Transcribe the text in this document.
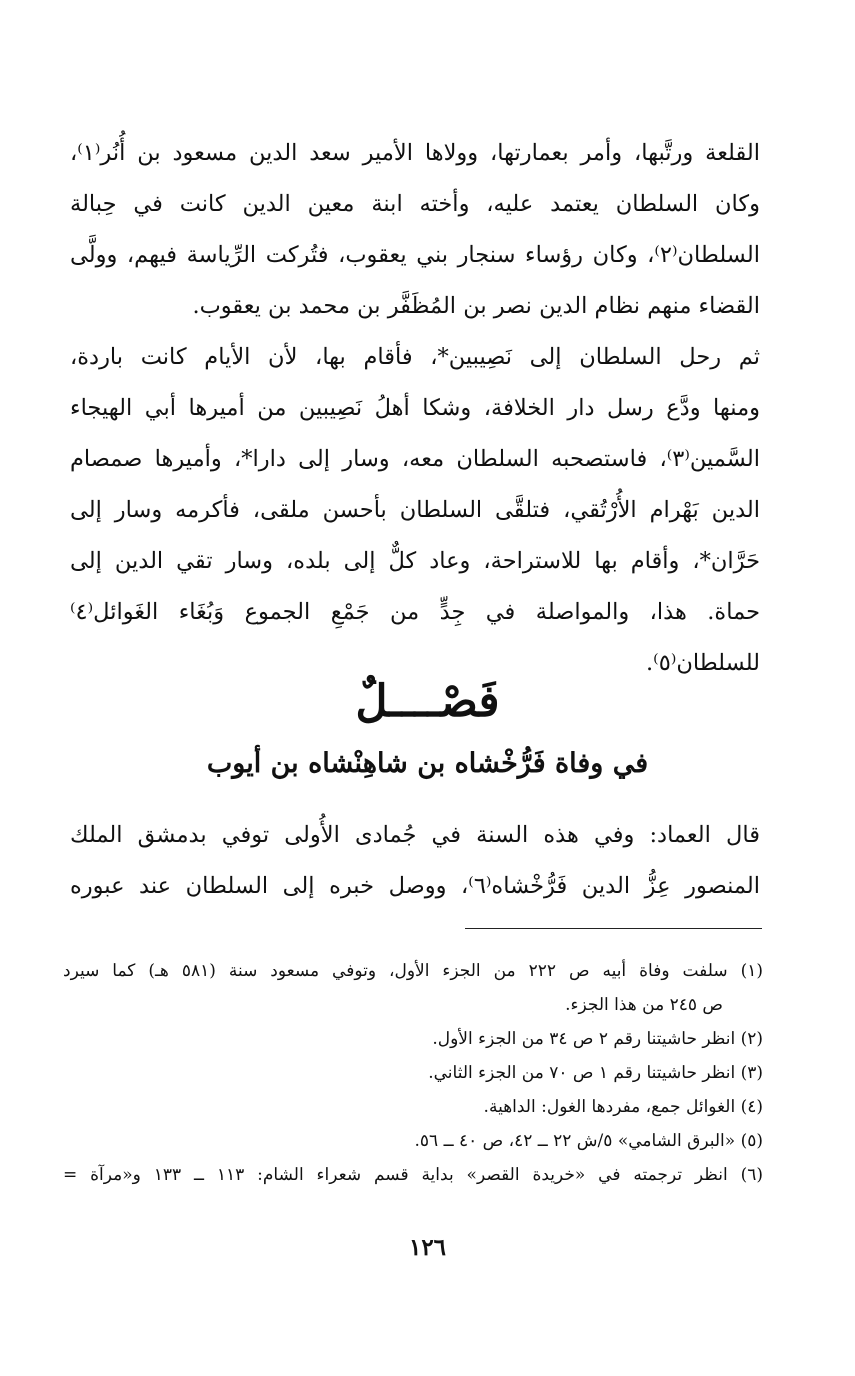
القلعة ورتَّبها، وأمر بعمارتها، وولاها الأمير سعد الدين مسعود بن أُنُر⁽١⁾،
وكان السلطان يعتمد عليه، وأخته ابنة معين الدين كانت في حِبالة
السلطان⁽٢⁾، وكان رؤساء سنجار بني يعقوب، فتُركت الرِّياسة فيهم، وولَّى
القضاء منهم نظام الدين نصر بن المُظَفَّر بن محمد بن يعقوب.
ثم رحل السلطان إلى نَصِيبين*، فأقام بها، لأن الأيام كانت باردة،
ومنها ودَّع رسل دار الخلافة، وشكا أهلُ نَصِيبين من أميرها أبي الهيجاء
السَّمين⁽٣⁾، فاستصحبه السلطان معه، وسار إلى دارا*، وأميرها صمصام
الدين بَهْرام الأُرْتُقي، فتلقَّى السلطان بأحسن ملقى، فأكرمه وسار إلى
حَرَّان*، وأقام بها للاستراحة، وعاد كلٌّ إلى بلده، وسار تقي الدين إلى
حماة. هذا، والمواصلة في جِدٍّ من جَمْعِ الجموع وَبُغَاء الغَوائل⁽٤⁾
للسلطان⁽٥⁾.
فَصْــــلٌ
في وفاة فَرُّخْشاه بن شاهِنْشاه بن أيوب
قال العماد: وفي هذه السنة في جُمادى الأُولى توفي بدمشق الملك
المنصور عِزُّ الدين فَرُّخْشاه⁽٦⁾، ووصل خبره إلى السلطان عند عبوره
(١) سلفت وفاة أبيه ص ٢٢٢ من الجزء الأول، وتوفي مسعود سنة (٥٨١ هـ) كما سيرد
ص ٢٤٥ من هذا الجزء.
(٢) انظر حاشيتنا رقم ٢ ص ٣٤ من الجزء الأول.
(٣) انظر حاشيتنا رقم ١ ص ٧٠ من الجزء الثاني.
(٤) الغوائل جمع، مفردها الغول: الداهية.
(٥) «البرق الشامي» ٥/ش ٢٢ ــ ٤٢، ص ٤٠ ــ ٥٦.
(٦) انظر ترجمته في «خريدة القصر» بداية قسم شعراء الشام: ١١٣ ــ ١٣٣ و«مرآة =
١٢٦
